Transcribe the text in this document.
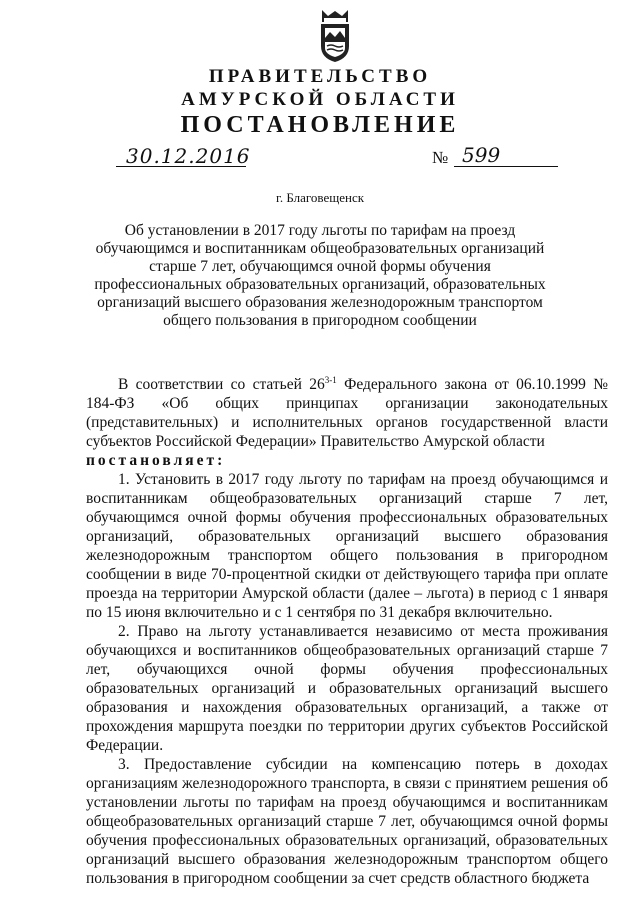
ПРАВИТЕЛЬСТВО
АМУРСКОЙ ОБЛАСТИ
ПОСТАНОВЛЕНИЕ
30.12.2016	№ 599
г. Благовещенск
Об установлении в 2017 году льготы по тарифам на проезд обучающимся и воспитанникам общеобразовательных организаций старше 7 лет, обучающимся очной формы обучения профессиональных образовательных организаций, образовательных организаций высшего образования железнодорожным транспортом общего пользования в пригородном сообщении

В соответствии со статьей 26$^{3-1}$ Федерального закона от 06.10.1999 № 184-ФЗ «Об общих принципах организации законодательных (представительных) и исполнительных органов государственной власти субъектов Российской Федерации» Правительство Амурской области

постановляет:

1. Установить в 2017 году льготу по тарифам на проезд обучающимся и воспитанникам общеобразовательных организаций старше 7 лет, обучающимся очной формы обучения профессиональных образовательных организаций, образовательных организаций высшего образования железнодорожным транспортом общего пользования в пригородном сообщении в виде 70-процентной скидки от действующего тарифа при оплате проезда на территории Амурской области (далее – льгота) в период с 1 января по 15 июня включительно и с 1 сентября по 31 декабря включительно.

2. Право на льготу устанавливается независимо от места проживания обучающихся и воспитанников общеобразовательных организаций старше 7 лет, обучающихся очной формы обучения профессиональных образовательных организаций и образовательных организаций высшего образования и нахождения образовательных организаций, а также от прохождения маршрута поездки по территории других субъектов Российской Федерации.

3. Предоставление субсидии на компенсацию потерь в доходах организациям железнодорожного транспорта, в связи с принятием решения об установлении льготы по тарифам на проезд обучающимся и воспитанникам общеобразовательных организаций старше 7 лет, обучающимся очной формы обучения профессиональных образовательных организаций, образовательных организаций высшего образования железнодорожным транспортом общего пользования в пригородном сообщении за счет средств областного бюджета
